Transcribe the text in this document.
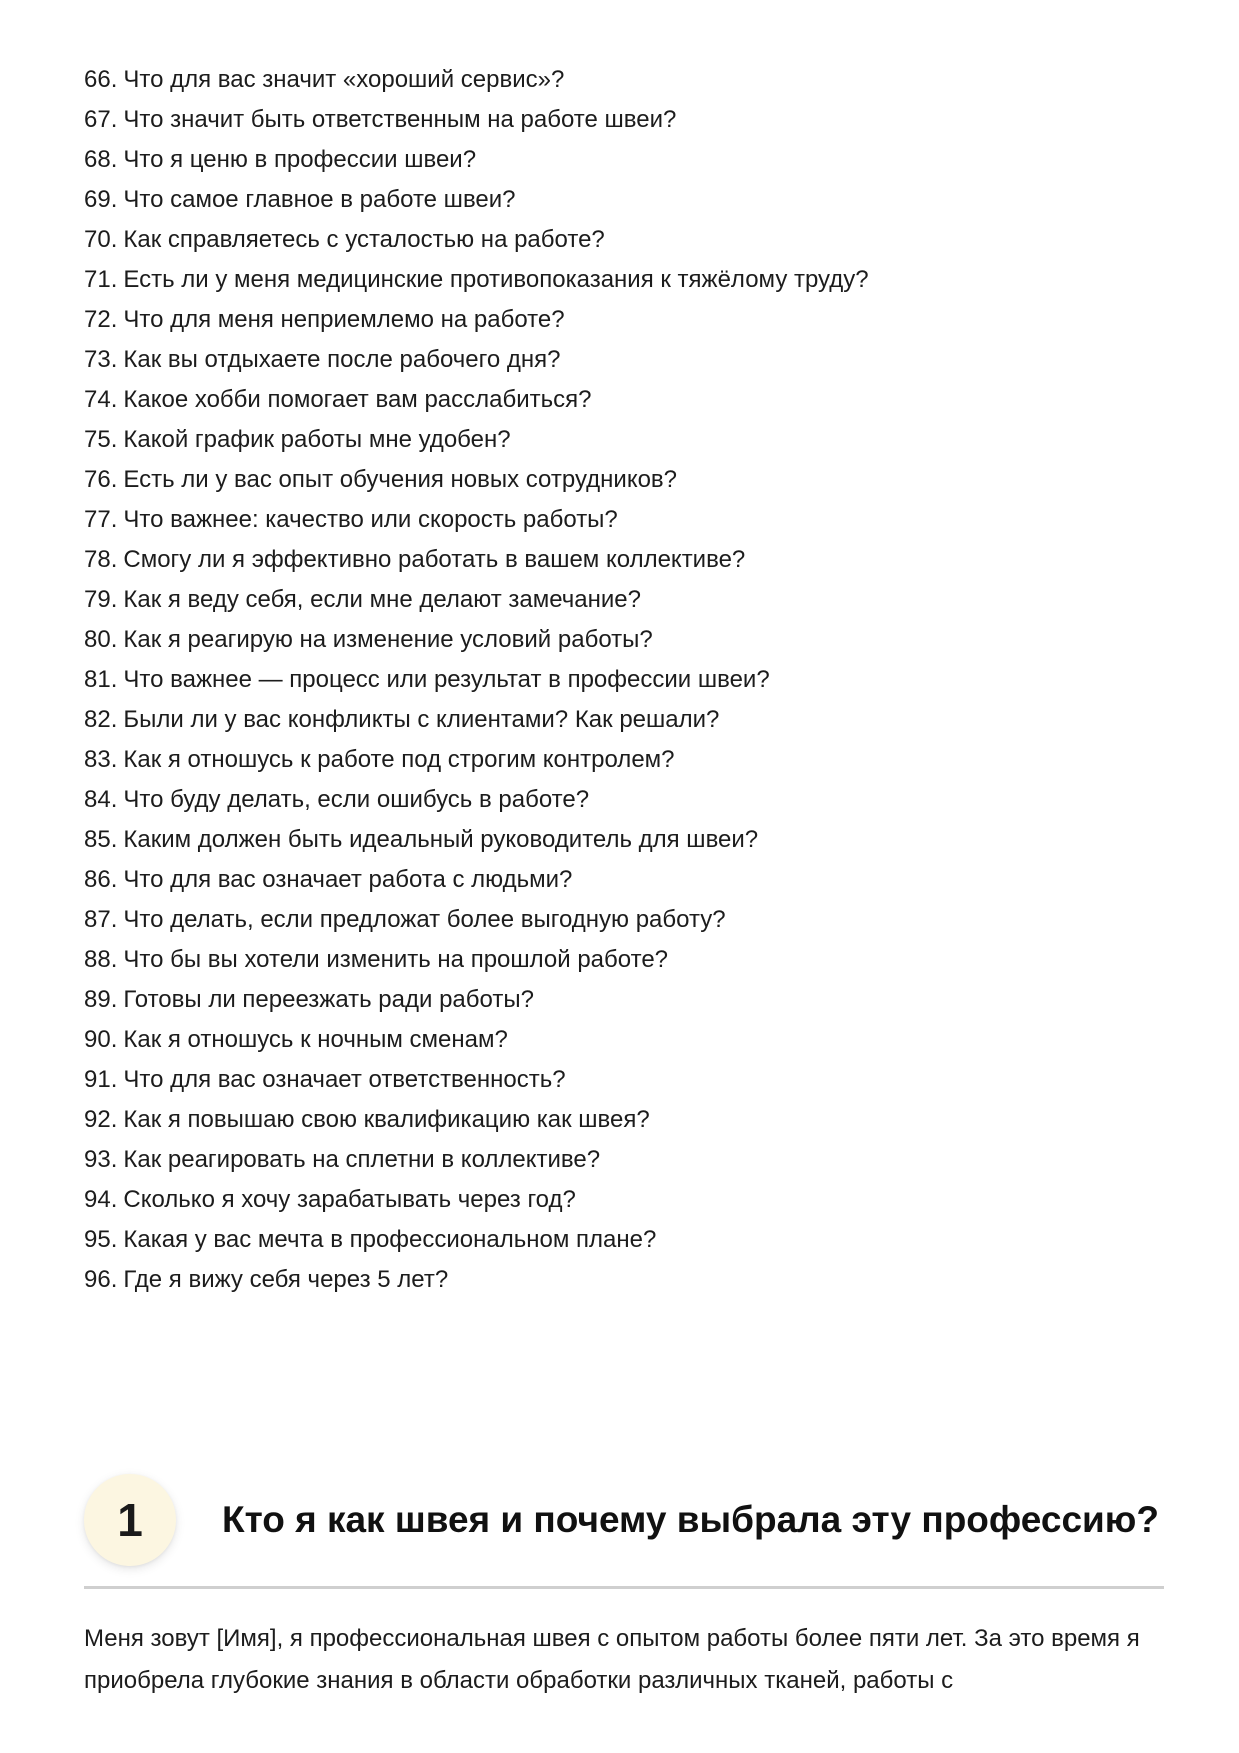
66. Что для вас значит «хороший сервис»?
67. Что значит быть ответственным на работе швеи?
68. Что я ценю в профессии швеи?
69. Что самое главное в работе швеи?
70. Как справляетесь с усталостью на работе?
71. Есть ли у меня медицинские противопоказания к тяжёлому труду?
72. Что для меня неприемлемо на работе?
73. Как вы отдыхаете после рабочего дня?
74. Какое хобби помогает вам расслабиться?
75. Какой график работы мне удобен?
76. Есть ли у вас опыт обучения новых сотрудников?
77. Что важнее: качество или скорость работы?
78. Смогу ли я эффективно работать в вашем коллективе?
79. Как я веду себя, если мне делают замечание?
80. Как я реагирую на изменение условий работы?
81. Что важнее — процесс или результат в профессии швеи?
82. Были ли у вас конфликты с клиентами? Как решали?
83. Как я отношусь к работе под строгим контролем?
84. Что буду делать, если ошибусь в работе?
85. Каким должен быть идеальный руководитель для швеи?
86. Что для вас означает работа с людьми?
87. Что делать, если предложат более выгодную работу?
88. Что бы вы хотели изменить на прошлой работе?
89. Готовы ли переезжать ради работы?
90. Как я отношусь к ночным сменам?
91. Что для вас означает ответственность?
92. Как я повышаю свою квалификацию как швея?
93. Как реагировать на сплетни в коллективе?
94. Сколько я хочу зарабатывать через год?
95. Какая у вас мечта в профессиональном плане?
96. Где я вижу себя через 5 лет?
1	Кто я как швея и почему выбрала эту профессию?

Меня зовут [Имя], я профессиональная швея с опытом работы более пяти лет. За это время я приобрела глубокие знания в области обработки различных тканей, работы с
